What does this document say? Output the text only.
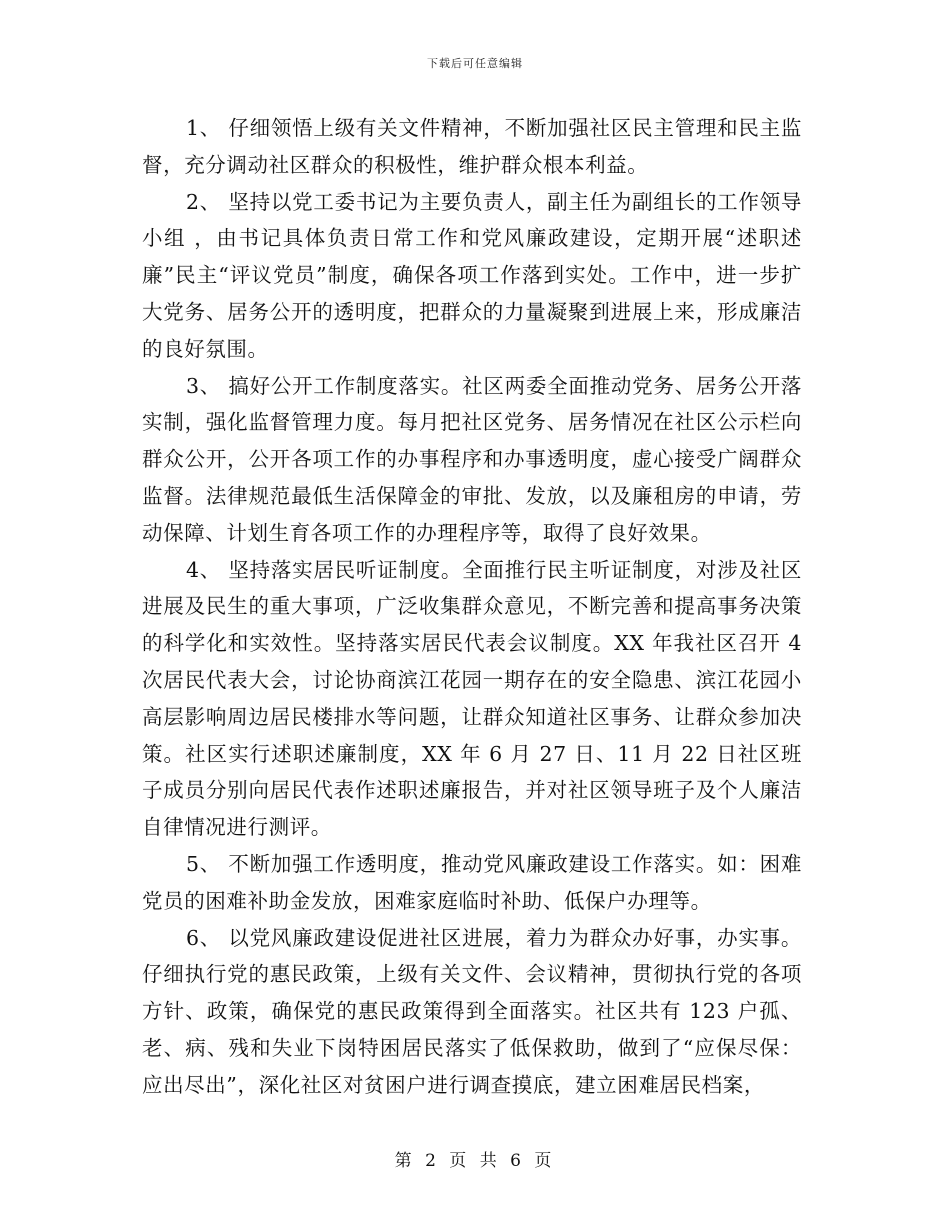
下载后可任意编辑

1、 仔细领悟上级有关文件精神，不断加强社区民主管理和民主监督，充分调动社区群众的积极性，维护群众根本利益。

2、 坚持以党工委书记为主要负责人，副主任为副组长的工作领导小组 ，由书记具体负责日常工作和党风廉政建设，定期开展“述职述廉”民主“评议党员”制度，确保各项工作落到实处。工作中，进一步扩大党务、居务公开的透明度，把群众的力量凝聚到进展上来，形成廉洁的良好氛围。

3、 搞好公开工作制度落实。社区两委全面推动党务、居务公开落实制，强化监督管理力度。每月把社区党务、居务情况在社区公示栏向群众公开，公开各项工作的办事程序和办事透明度，虚心接受广阔群众监督。法律规范最低生活保障金的审批、发放，以及廉租房的申请，劳动保障、计划生育各项工作的办理程序等，取得了良好效果。

4、 坚持落实居民听证制度。全面推行民主听证制度，对涉及社区进展及民生的重大事项，广泛收集群众意见，不断完善和提高事务决策的科学化和实效性。坚持落实居民代表会议制度。XX 年我社区召开 4 次居民代表大会，讨论协商滨江花园一期存在的安全隐患、滨江花园小高层影响周边居民楼排水等问题，让群众知道社区事务、让群众参加决策。社区实行述职述廉制度，XX 年 6 月 27 日、11 月 22 日社区班子成员分别向居民代表作述职述廉报告，并对社区领导班子及个人廉洁自律情况进行测评。

5、 不断加强工作透明度，推动党风廉政建设工作落实。如：困难党员的困难补助金发放，困难家庭临时补助、低保户办理等。

6、 以党风廉政建设促进社区进展，着力为群众办好事，办实事。仔细执行党的惠民政策，上级有关文件、会议精神，贯彻执行党的各项方针、政策，确保党的惠民政策得到全面落实。社区共有 123 户孤、老、病、残和失业下岗特困居民落实了低保救助，做到了“应保尽保：应出尽出”，深化社区对贫困户进行调查摸底，建立困难居民档案，

第 2 页 共 6 页
